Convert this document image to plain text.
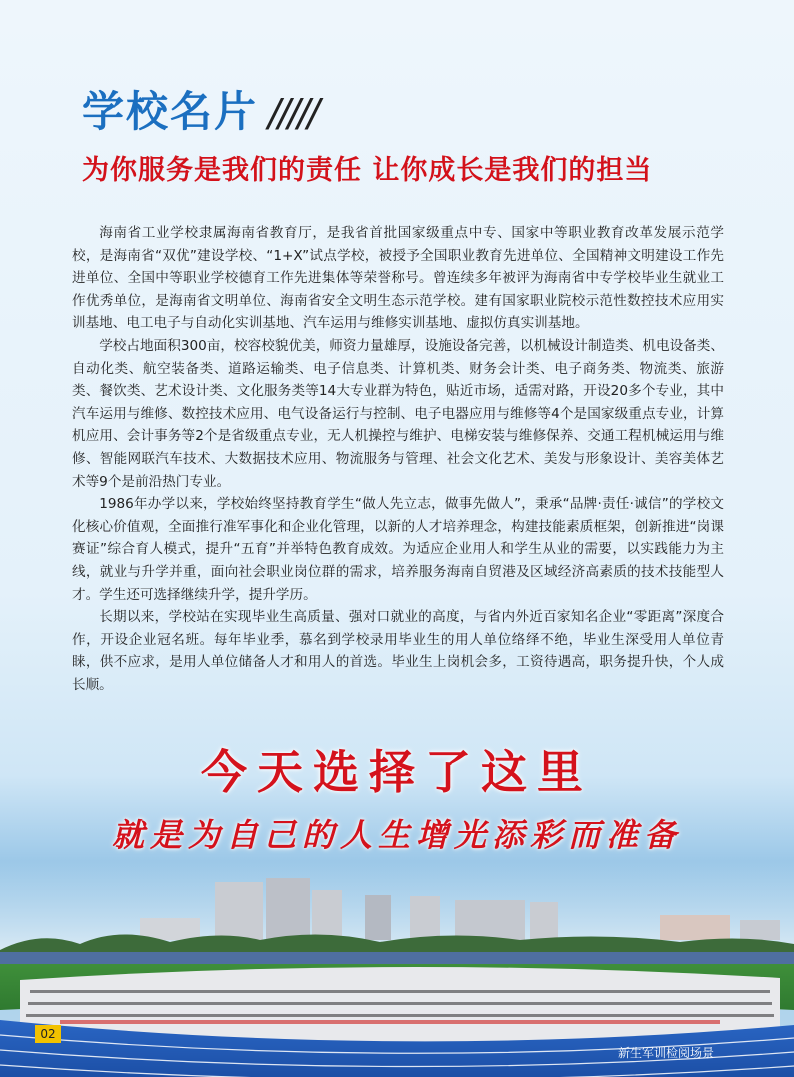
学校名片 /////
为你服务是我们的责任 让你成长是我们的担当

海南省工业学校隶属海南省教育厅，是我省首批国家级重点中专、国家中等职业教育改革发展示范学校，是海南省“双优”建设学校、“1+X”试点学校，被授予全国职业教育先进单位、全国精神文明建设工作先进单位、全国中等职业学校德育工作先进集体等荣誉称号。曾连续多年被评为海南省中专学校毕业生就业工作优秀单位，是海南省文明单位、海南省安全文明生态示范学校。建有国家职业院校示范性数控技术应用实训基地、电工电子与自动化实训基地、汽车运用与维修实训基地、虚拟仿真实训基地。

学校占地面积300亩，校容校貌优美，师资力量雄厚，设施设备完善，以机械设计制造类、机电设备类、自动化类、航空装备类、道路运输类、电子信息类、计算机类、财务会计类、电子商务类、物流类、旅游类、餐饮类、艺术设计类、文化服务类等14大专业群为特色，贴近市场，适需对路，开设20多个专业，其中汽车运用与维修、数控技术应用、电气设备运行与控制、电子电器应用与维修等4个是国家级重点专业，计算机应用、会计事务等2个是省级重点专业，无人机操控与维护、电梯安装与维修保养、交通工程机械运用与维修、智能网联汽车技术、大数据技术应用、物流服务与管理、社会文化艺术、美发与形象设计、美容美体艺术等9个是前沿热门专业。

1986年办学以来，学校始终坚持教育学生“做人先立志，做事先做人”，秉承“品牌·责任·诚信”的学校文化核心价值观，全面推行准军事化和企业化管理，以新的人才培养理念，构建技能素质框架，创新推进“岗课赛证”综合育人模式，提升“五育”并举特色教育成效。为适应企业用人和学生从业的需要，以实践能力为主线，就业与升学并重，面向社会职业岗位群的需求，培养服务海南自贸港及区域经济高素质的技术技能型人才。学生还可选择继续升学，提升学历。

长期以来，学校站在实现毕业生高质量、强对口就业的高度，与省内外近百家知名企业“零距离”深度合作，开设企业冠名班。每年毕业季，慕名到学校录用毕业生的用人单位络绎不绝，毕业生深受用人单位青睐，供不应求，是用人单位储备人才和用人的首选。毕业生上岗机会多，工资待遇高，职务提升快，个人成长顺。

今天选择了这里
就是为自己的人生增光添彩而准备
02
新生军训检阅场景
